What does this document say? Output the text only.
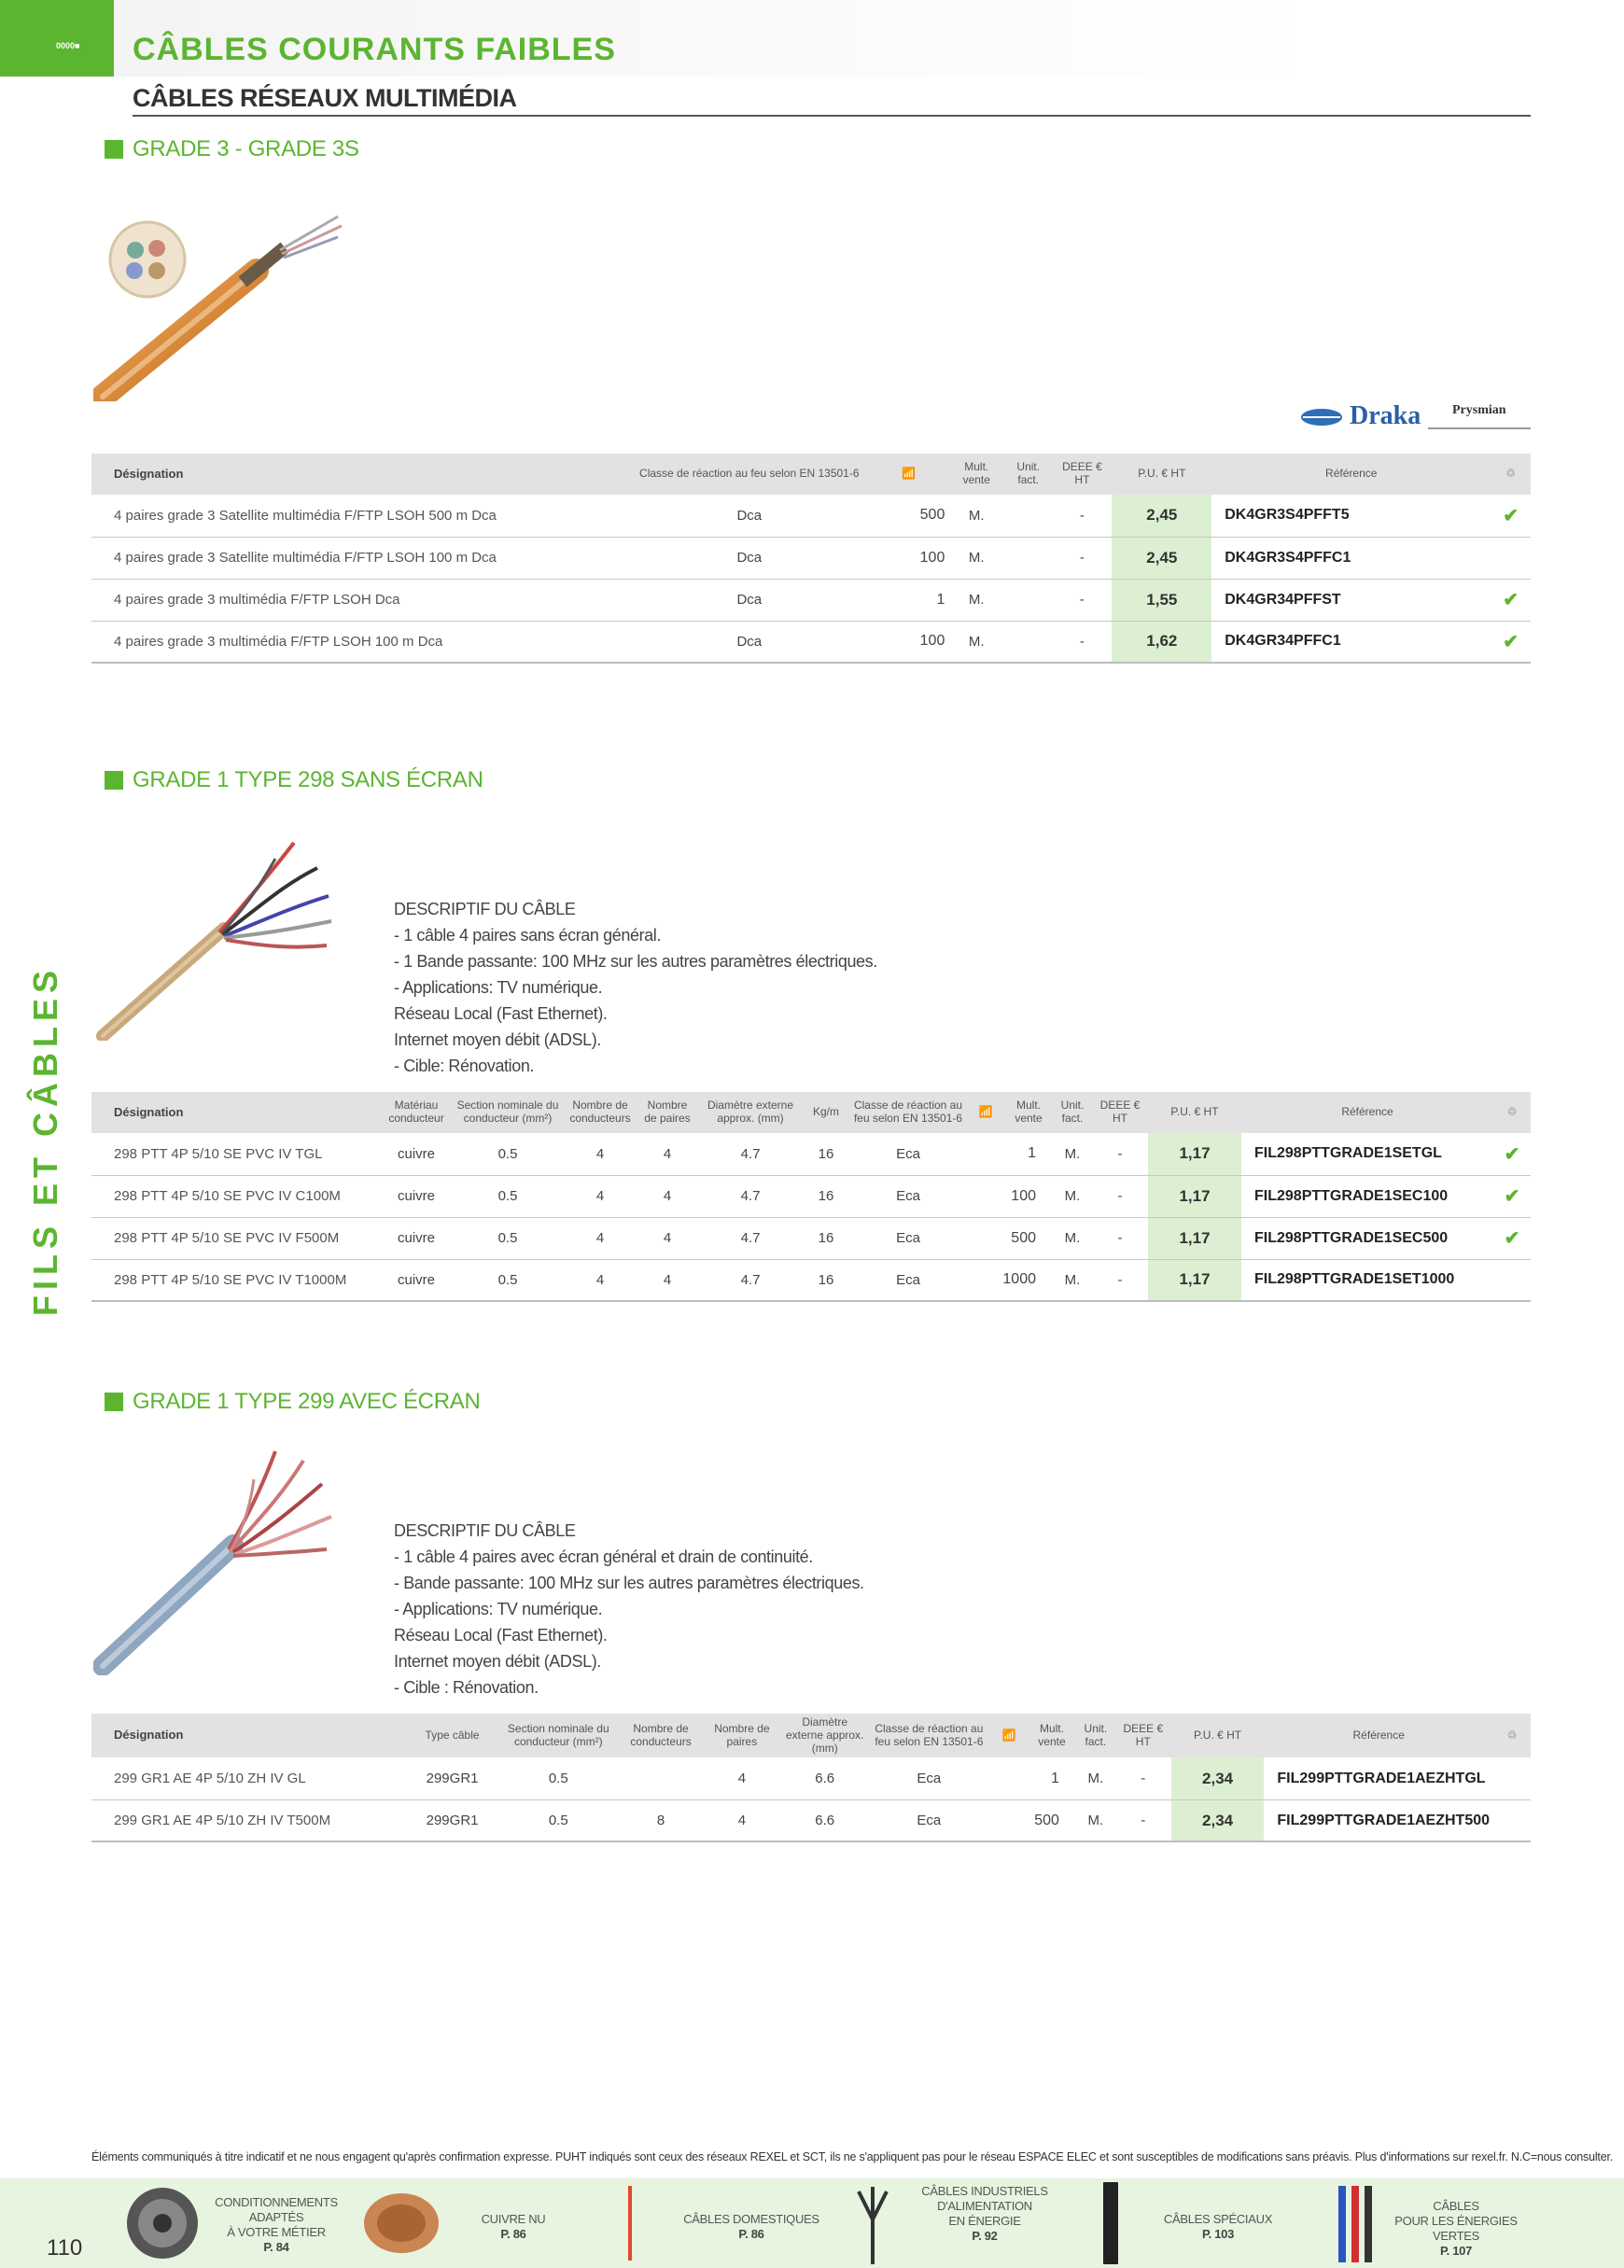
0000■ CÂBLES COURANTS FAIBLES
CÂBLES RÉSEAUX MULTIMÉDIA
FILS ET CÂBLES
GRADE 3 - GRADE 3S
Draka Prysmian
Désignation	Classe de réaction au feu selon EN 13501-6	📶	Mult. vente	Unit. fact.	DEEE € HT	P.U. € HT	Référence	♲
4 paires grade 3 Satellite multimédia F/FTP LSOH 500 m Dca	Dca	500	M.		-	2,45	DK4GR3S4PFFT5	✔
4 paires grade 3 Satellite multimédia F/FTP LSOH 100 m Dca	Dca	100	M.		-	2,45	DK4GR3S4PFFC1	
4 paires grade 3 multimédia F/FTP LSOH Dca	Dca	1	M.		-	1,55	DK4GR34PFFST	✔
4 paires grade 3 multimédia F/FTP LSOH 100 m Dca	Dca	100	M.		-	1,62	DK4GR34PFFC1	✔
GRADE 1 TYPE 298 SANS ÉCRAN
DESCRIPTIF DU CÂBLE
- 1 câble 4 paires sans écran général.
- 1 Bande passante: 100 MHz sur les autres paramètres électriques.
- Applications: TV numérique.
Réseau Local (Fast Ethernet).
Internet moyen débit (ADSL).
- Cible: Rénovation.
Désignation	Matériau conducteur	Section nominale du conducteur (mm²)	Nombre de conducteurs	Nombre de paires	Diamètre externe approx. (mm)	Kg/m	Classe de réaction au feu selon EN 13501-6	📶	Mult. vente	Unit. fact.	DEEE € HT	P.U. € HT	Référence	♲
298 PTT 4P 5/10 SE PVC IV TGL	cuivre	0.5	4	4	4.7	16	Eca	1		M.	-	1,17	FIL298PTTGRADE1SETGL	✔
298 PTT 4P 5/10 SE PVC IV C100M	cuivre	0.5	4	4	4.7	16	Eca	100		M.	-	1,17	FIL298PTTGRADE1SEC100	✔
298 PTT 4P 5/10 SE PVC IV F500M	cuivre	0.5	4	4	4.7	16	Eca	500		M.	-	1,17	FIL298PTTGRADE1SEC500	✔
298 PTT 4P 5/10 SE PVC IV T1000M	cuivre	0.5	4	4	4.7	16	Eca	1000		M.	-	1,17	FIL298PTTGRADE1SET1000	
GRADE 1 TYPE 299 AVEC ÉCRAN
DESCRIPTIF DU CÂBLE
- 1 câble 4 paires avec écran général et drain de continuité.
- Bande passante: 100 MHz sur les autres paramètres électriques.
- Applications: TV numérique.
Réseau Local (Fast Ethernet).
Internet moyen débit (ADSL).
- Cible : Rénovation.
Désignation	Type câble	Section nominale du conducteur (mm²)	Nombre de conducteurs	Nombre de paires	Diamètre externe approx. (mm)	Classe de réaction au feu selon EN 13501-6	📶	Mult. vente	Unit. fact.	DEEE € HT	P.U. € HT	Référence	♲
299 GR1 AE 4P 5/10 ZH IV GL	299GR1	0.5		4	6.6	Eca	1		M.	-	2,34	FIL299PTTGRADE1AEZHTGL	
299 GR1 AE 4P 5/10 ZH IV T500M	299GR1	0.5	8	4	6.6	Eca	500		M.	-	2,34	FIL299PTTGRADE1AEZHT500	
Éléments communiqués à titre indicatif et ne nous engagent qu'après confirmation expresse. PUHT indiqués sont ceux des réseaux REXEL et SCT, ils ne s'appliquent pas pour le réseau ESPACE ELEC et sont susceptibles de modifications sans préavis. Plus d'informations sur rexel.fr. N.C=nous consulter.
110
CONDITIONNEMENTS ADAPTÉS
À VOTRE MÉTIER
P. 84
CUIVRE NU
P. 86
CÂBLES DOMESTIQUES
P. 86
CÂBLES INDUSTRIELS
D'ALIMENTATION
EN ÉNERGIE
P. 92
CÂBLES SPÉCIAUX
P. 103
CÂBLES
POUR LES ÉNERGIES VERTES
P. 107
